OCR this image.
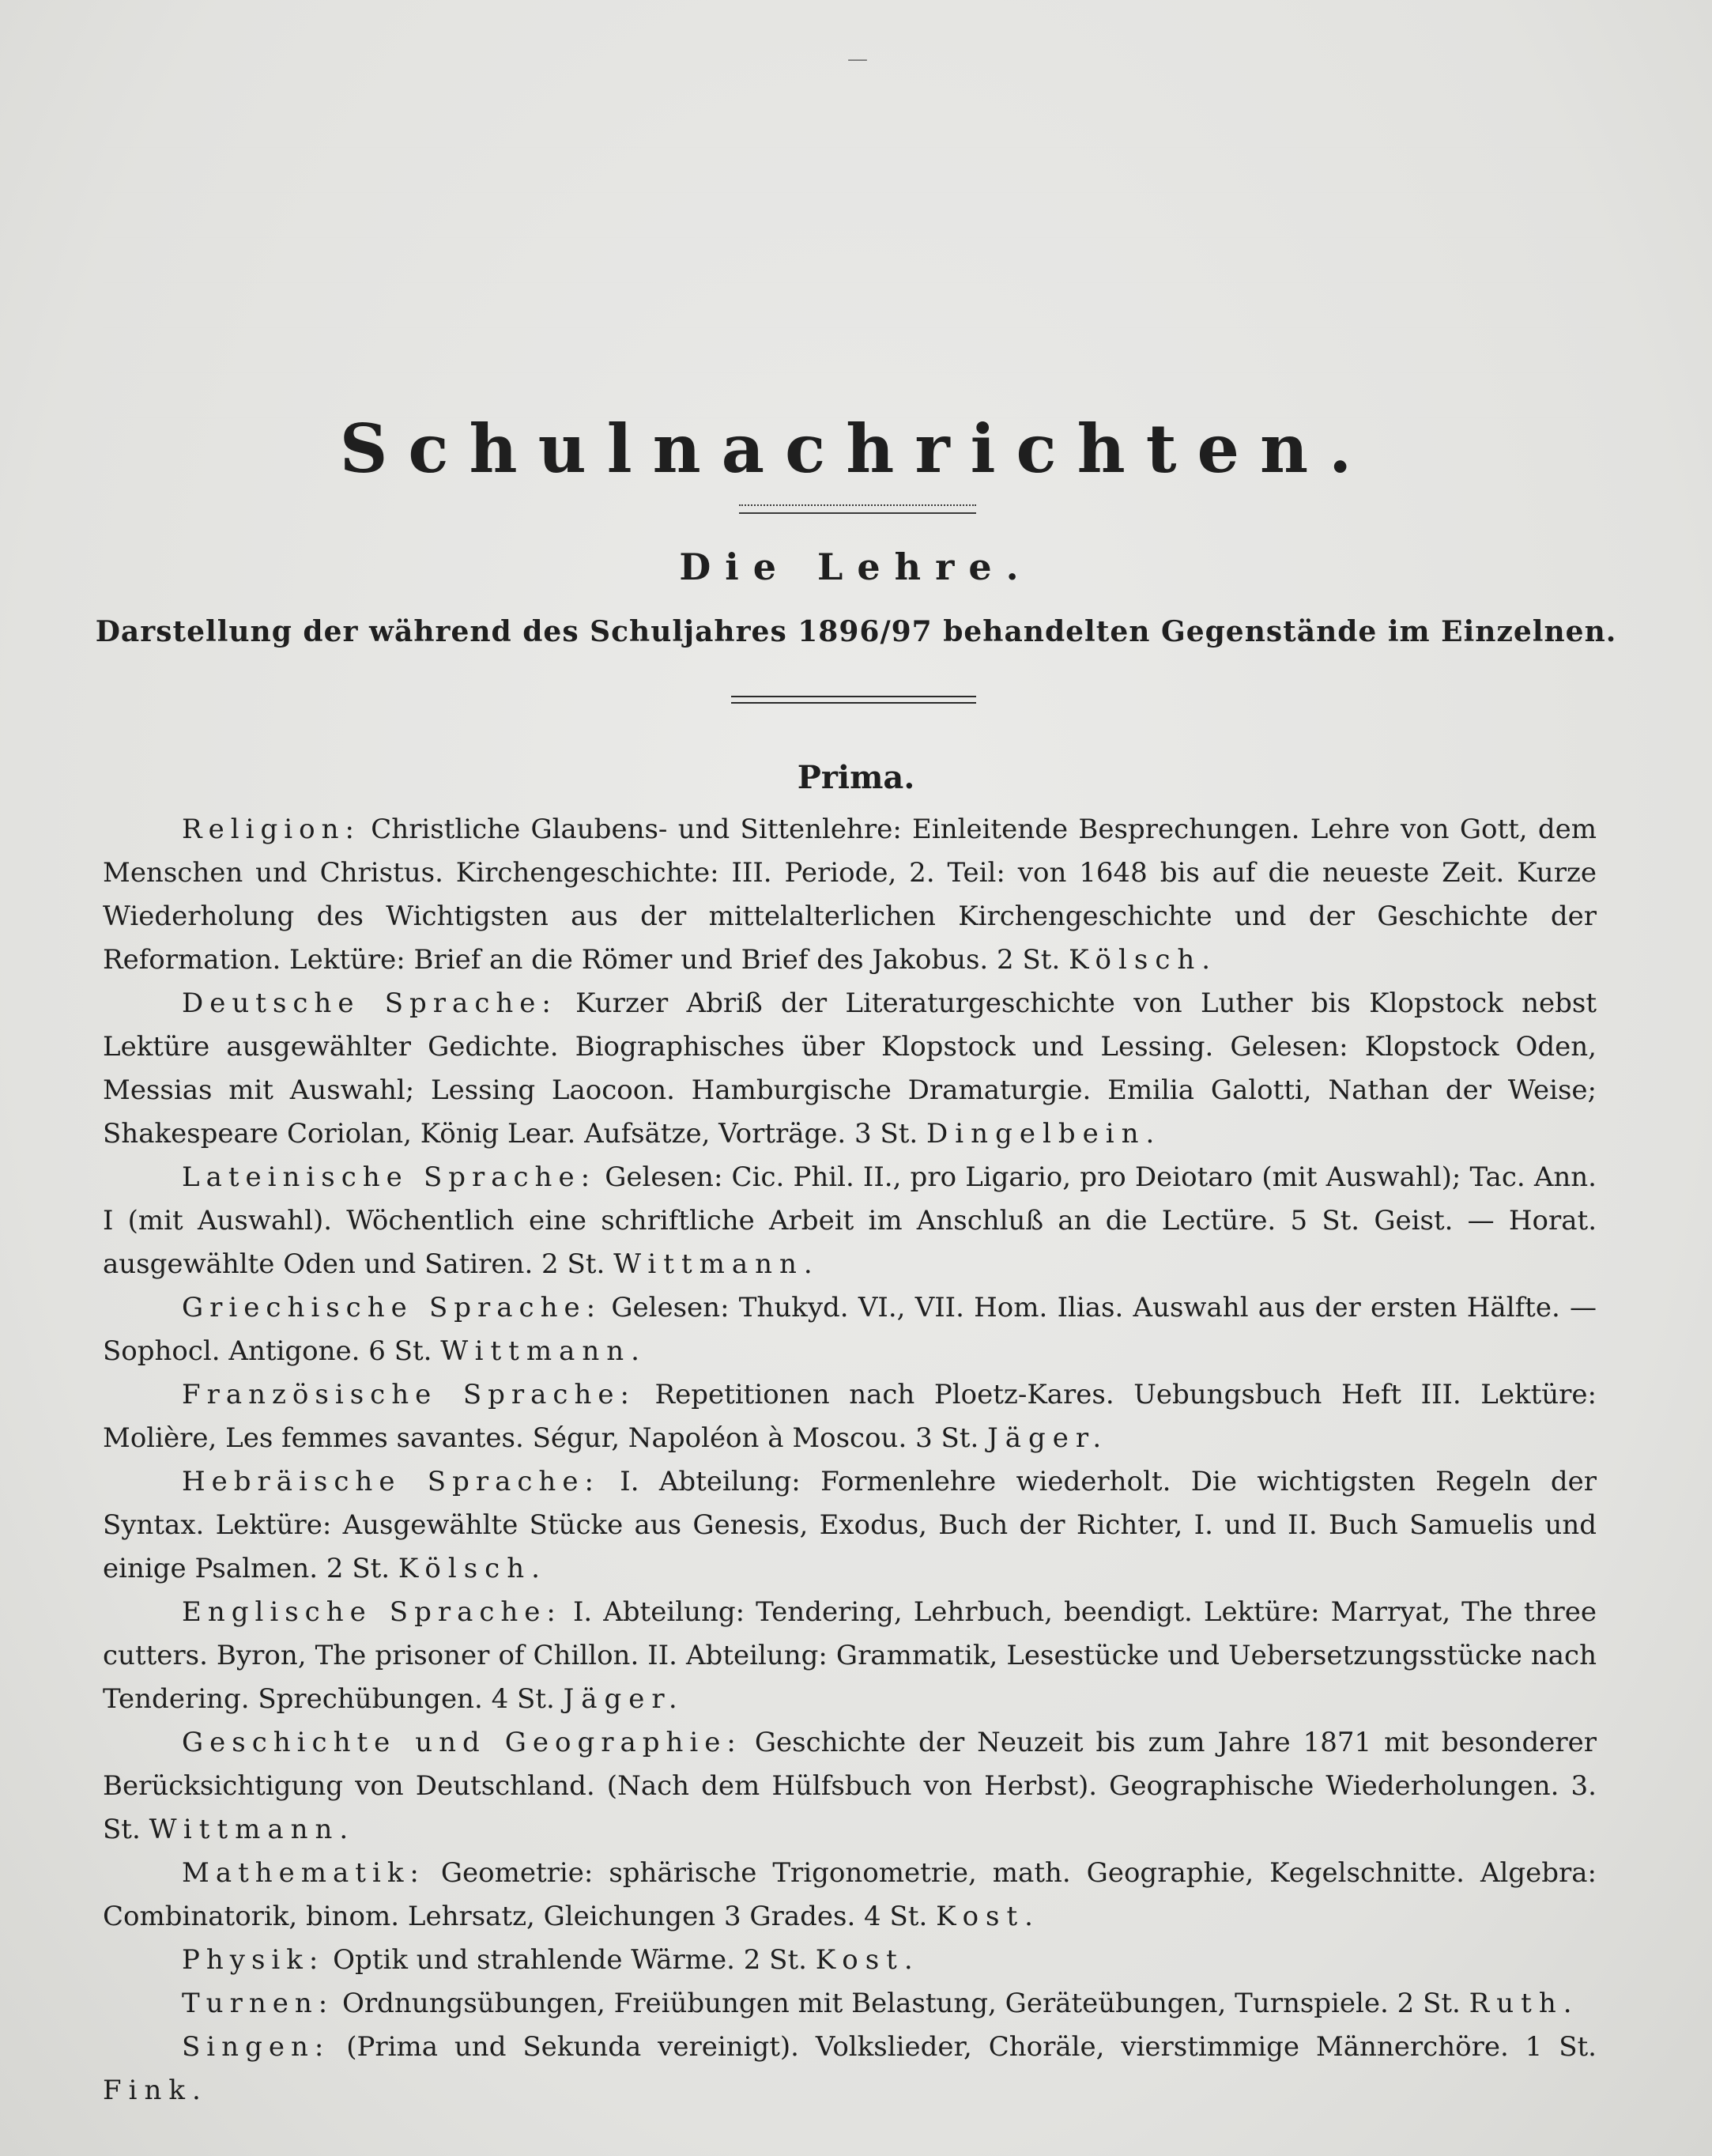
—
Schulnachrichten.
Die Lehre.
Darstellung der während des Schuljahres 1896/97 behandelten Gegenstände im Einzelnen.
Prima.

Religion: Christliche Glaubens- und Sittenlehre: Einleitende Besprechungen. Lehre von Gott, dem Menschen und Christus. Kirchengeschichte: III. Periode, 2. Teil: von 1648 bis auf die neueste Zeit. Kurze Wiederholung des Wichtigsten aus der mittelalterlichen Kirchengeschichte und der Geschichte der Reformation. Lektüre: Brief an die Römer und Brief des Jakobus. 2 St. Kölsch.

Deutsche Sprache: Kurzer Abriß der Literaturgeschichte von Luther bis Klopstock nebst Lektüre ausgewählter Gedichte. Biographisches über Klopstock und Lessing. Gelesen: Klopstock Oden, Messias mit Auswahl; Lessing Laocoon. Hamburgische Dramaturgie. Emilia Galotti, Nathan der Weise; Shakespeare Coriolan, König Lear. Aufsätze, Vorträge. 3 St. Dingelbein.

Lateinische Sprache: Gelesen: Cic. Phil. II., pro Ligario, pro Deiotaro (mit Auswahl); Tac. Ann. I (mit Auswahl). Wöchentlich eine schriftliche Arbeit im Anschluß an die Lectüre. 5 St. Geist. — Horat. ausgewählte Oden und Satiren. 2 St. Wittmann.

Griechische Sprache: Gelesen: Thukyd. VI., VII. Hom. Ilias. Auswahl aus der ersten Hälfte. — Sophocl. Antigone. 6 St. Wittmann.

Französische Sprache: Repetitionen nach Ploetz-Kares. Uebungsbuch Heft III. Lektüre: Molière, Les femmes savantes. Ségur, Napoléon à Moscou. 3 St. Jäger.

Hebräische Sprache: I. Abteilung: Formenlehre wiederholt. Die wichtigsten Regeln der Syntax. Lektüre: Ausgewählte Stücke aus Genesis, Exodus, Buch der Richter, I. und II. Buch Samuelis und einige Psalmen. 2 St. Kölsch.

Englische Sprache: I. Abteilung: Tendering, Lehrbuch, beendigt. Lektüre: Marryat, The three cutters. Byron, The prisoner of Chillon. II. Abteilung: Grammatik, Lesestücke und Uebersetzungsstücke nach Tendering. Sprechübungen. 4 St. Jäger.

Geschichte und Geographie: Geschichte der Neuzeit bis zum Jahre 1871 mit besonderer Berücksichtigung von Deutschland. (Nach dem Hülfsbuch von Herbst). Geographische Wiederholungen. 3. St. Wittmann.

Mathematik: Geometrie: sphärische Trigonometrie, math. Geographie, Kegelschnitte. Algebra: Combinatorik, binom. Lehrsatz, Gleichungen 3 Grades. 4 St. Kost.

Physik: Optik und strahlende Wärme. 2 St. Kost.

Turnen: Ordnungsübungen, Freiübungen mit Belastung, Geräteübungen, Turnspiele. 2 St. Ruth.

Singen: (Prima und Sekunda vereinigt). Volkslieder, Choräle, vierstimmige Männerchöre. 1 St. Fink.
